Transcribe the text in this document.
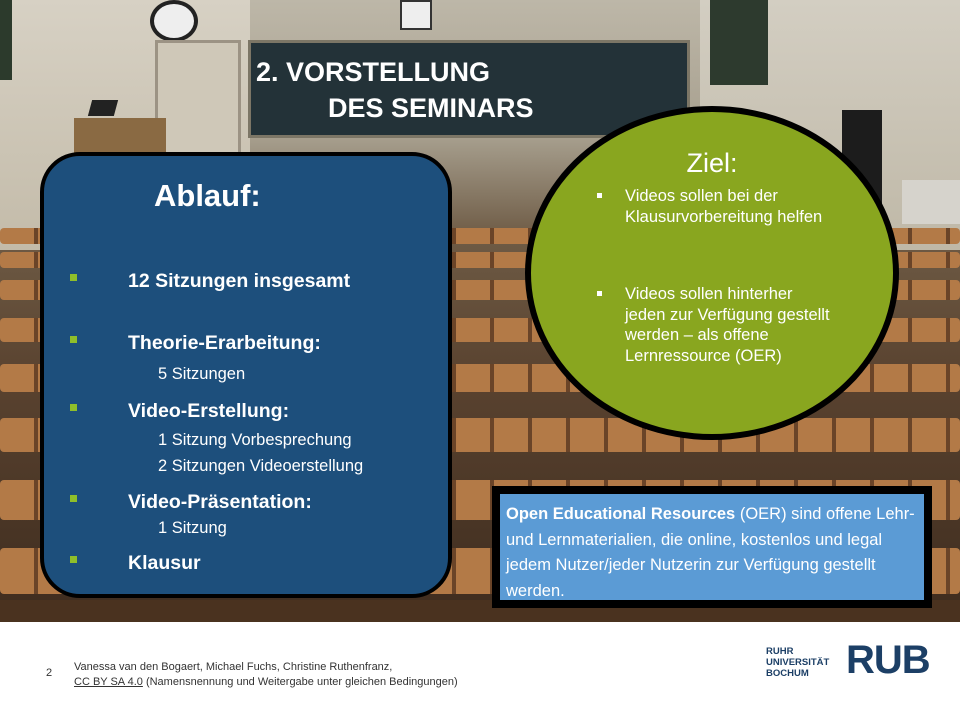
2. VORSTELLUNG
DES SEMINARS
Ablauf:
12 Sitzungen insgesamt
Theorie-Erarbeitung:
5 Sitzungen
Video-Erstellung:
1 Sitzung Vorbesprechung
2 Sitzungen Videoerstellung
Video-Präsentation:
1 Sitzung
Klausur
Ziel:
Videos sollen bei der Klausurvorbereitung helfen
Videos sollen hinterher jeden zur Verfügung gestellt werden – als offene Lernressource (OER)
Open Educational Resources (OER) sind offene Lehr- und Lernmaterialien, die online, kostenlos und legal jedem Nutzer/jeder Nutzerin zur Verfügung gestellt werden.
2 Vanessa van den Bogaert, Michael Fuchs, Christine Ruthenfranz,
CC BY SA 4.0 (Namensnennung und Weitergabe unter gleichen Bedingungen)
RUHR
UNIVERSITÄT
BOCHUM RUB
